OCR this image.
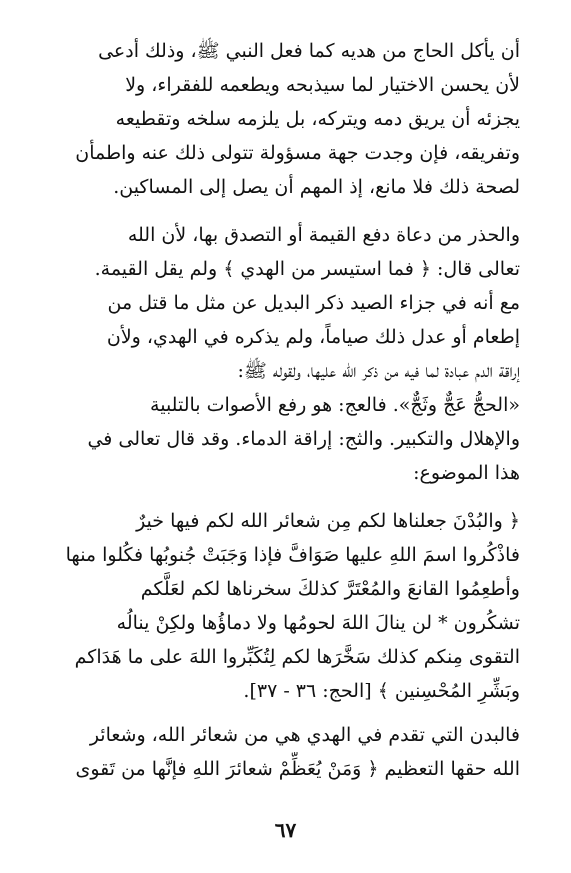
أن يأكل الحاج من هديه كما فعل النبي ﷺ، وذلك أدعى
لأن يحسن الاختيار لما سيذبحه ويطعمه للفقراء، ولا
يجزئه أن يريق دمه ويتركه، بل يلزمه سلخه وتقطيعه
وتفريقه، فإن وجدت جهة مسؤولة تتولى ذلك عنه واطمأن
لصحة ذلك فلا مانع، إذ المهم أن يصل إلى المساكين.
والحذر من دعاة دفع القيمة أو التصدق بها، لأن الله
تعالى قال: ﴿ فما استيسر من الهدي ﴾ ولم يقل القيمة.
مع أنه في جزاء الصيد ذكر البديل عن مثل ما قتل من
إطعام أو عدل ذلك صياماً، ولم يذكره في الهدي، ولأن
إراقة الدم عبادة لما فيه من ذكر الله عليها، ولقوله ﷺ:
«الحجُّ عَجٌّ وثَجٌّ». فالعج: هو رفع الأصوات بالتلبية
والإهلال والتكبير. والثج: إراقة الدماء. وقد قال تعالى في
هذا الموضوع:
﴿ والبُدْنَ جعلناها لكم مِن شعائر الله لكم فيها خيرٌ
فاذْكُروا اسمَ اللهِ عليها صَوَافَّ فإذا وَجَبَتْ جُنوبُها فكُلوا منها
وأطعِمُوا القانعَ والمُعْتَرَّ كذلكَ سخرناها لكم لعَلَّكم
تشكُرون * لن ينالَ اللهَ لحومُها ولا دماؤُها ولكِنْ ينالُه
التقوى مِنكم كذلك سَخَّرَها لكم لِتُكَبِّروا اللهَ على ما هَدَاكم
وبَشِّرِ المُحْسِنين ﴾ [الحج: ٣٦ - ٣٧].
فالبدن التي تقدم في الهدي هي من شعائر الله، وشعائر
الله حقها التعظيم ﴿ وَمَنْ يُعَظِّمْ شعائرَ اللهِ فإنَّها من تَقوى
٦٧
